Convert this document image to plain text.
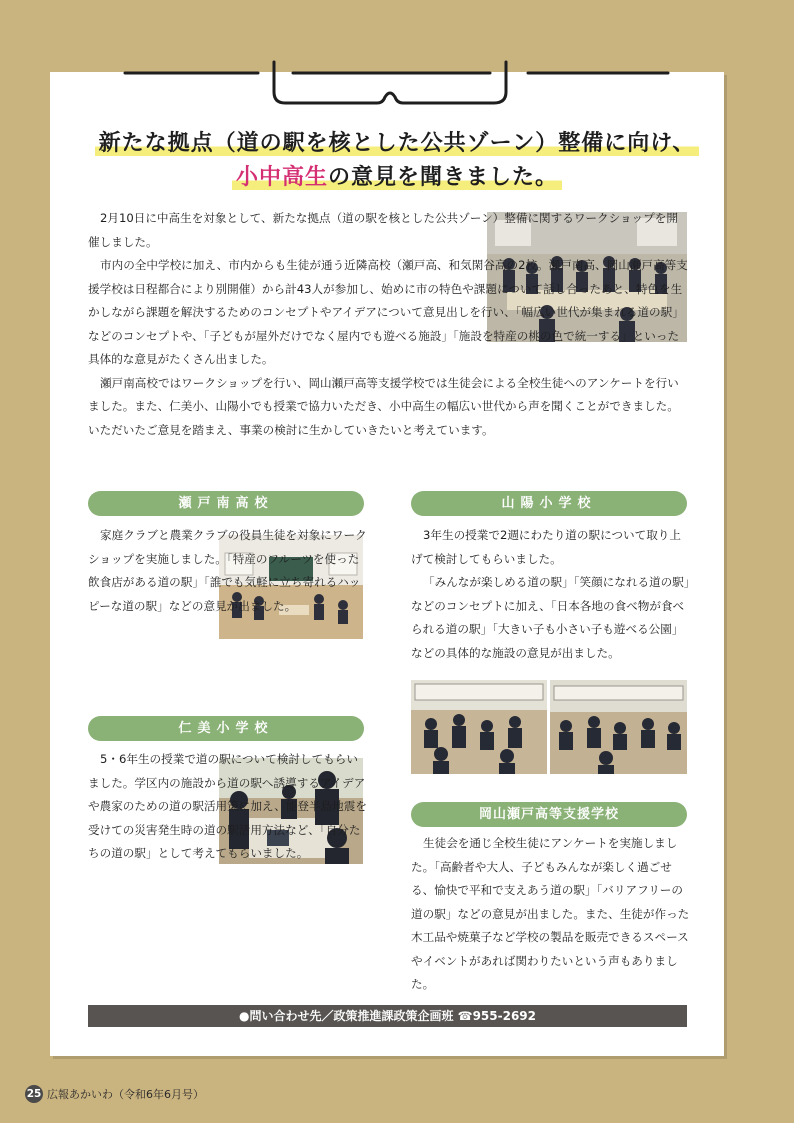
新たな拠点（道の駅を核とした公共ゾーン）整備に向け、
小中高生の意見を聞きました。
2月10日に中高生を対象として、新たな拠点（道の駅を核とした公共ゾーン）整備に関するワークショップを開催しました。
市内の全中学校に加え、市内からも生徒が通う近隣高校（瀬戸高、和気閑谷高の2校。瀬戸南高、岡山瀬戸高等支援学校は日程都合により別開催）から計43人が参加し、始めに市の特色や課題について話し合ったあと、特色を生かしながら課題を解決するためのコンセプトやアイデアについて意見出しを行い、「幅広い世代が集まれる道の駅」などのコンセプトや、「子どもが屋外だけでなく屋内でも遊べる施設」「施設を特産の桃の色で統一する」といった具体的な意見がたくさん出ました。
瀬戸南高校ではワークショップを行い、岡山瀬戸高等支援学校では生徒会による全校生徒へのアンケートを行いました。また、仁美小、山陽小でも授業で協力いただき、小中高生の幅広い世代から声を聞くことができました。いただいたご意見を踏まえ、事業の検討に生かしていきたいと考えています。
瀬戸南高校
家庭クラブと農業クラブの役員生徒を対象にワークショップを実施しました。「特産のフルーツを使った飲食店がある道の駅」「誰でも気軽に立ち寄れるハッピーな道の駅」などの意見が出ました。
仁美小学校
5・6年生の授業で道の駅について検討してもらいました。学区内の施設から道の駅へ誘導するアイデアや農家のための道の駅活用策に加え、能登半島地震を受けての災害発生時の道の駅活用方法など、「自分たちの道の駅」として考えてもらいました。
山陽小学校
3年生の授業で2週にわたり道の駅について取り上げて検討してもらいました。
「みんなが楽しめる道の駅」「笑顔になれる道の駅」などのコンセプトに加え、「日本各地の食べ物が食べられる道の駅」「大きい子も小さい子も遊べる公園」などの具体的な施設の意見が出ました。
岡山瀬戸高等支援学校
生徒会を通じ全校生徒にアンケートを実施しました。「高齢者や大人、子どもみんなが楽しく過ごせる、愉快で平和で支えあう道の駅」「バリアフリーの道の駅」などの意見が出ました。また、生徒が作った木工品や焼菓子など学校の製品を販売できるスペースやイベントがあれば関わりたいという声もありました。
●問い合わせ先／政策推進課政策企画班 ☎955-2692
25 広報あかいわ（令和6年6月号）
